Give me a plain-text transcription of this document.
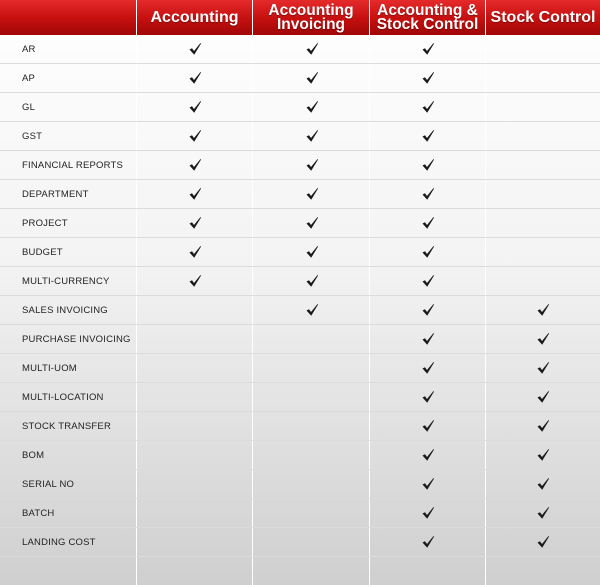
Accounting Accounting
Invoicing
Accounting &
Stock Control Stock Control
AR
AP
GL
GST
FINANCIAL REPORTS
DEPARTMENT
PROJECT
BUDGET
MULTI-CURRENCY
SALES INVOICING
PURCHASE INVOICING
MULTI-UOM
MULTI-LOCATION
STOCK TRANSFER
BOM
SERIAL NO
BATCH
LANDING COST
